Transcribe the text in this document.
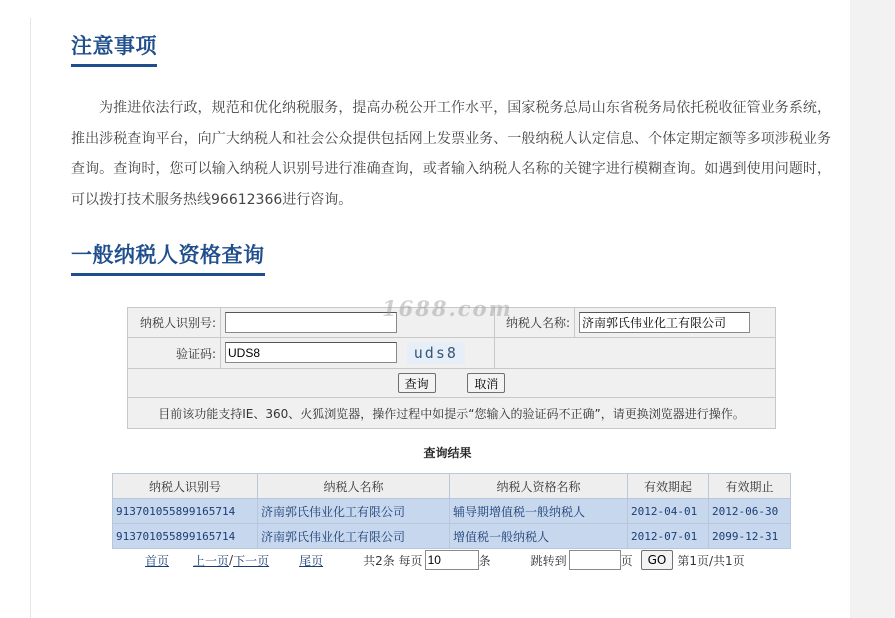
注意事项

为推进依法行政，规范和优化纳税服务，提高办税公开工作水平，国家税务总局山东省税务局依托税收征管业务系统，推出涉税查询平台，向广大纳税人和社会公众提供包括网上发票业务、一般纳税人认定信息、个体定期定额等多项涉税业务查询。查询时，您可以输入纳税人识别号进行准确查询，或者输入纳税人名称的关键字进行模糊查询。如遇到使用问题时，可以拨打技术服务热线96612366进行咨询。

一般纳税人资格查询
纳税人识别号:		纳税人名称:	济南郭氏伟业化工有限公司
验证码:	UDS8uds8	
查询 取消			
目前该功能支持IE、360、火狐浏览器，操作过程中如提示“您输入的验证码不正确”，请更换浏览器进行操作。			
1688.com
查询结果
纳税人识别号	纳税人名称	纳税人资格名称	有效期起	有效期止
913701055899165714	济南郭氏伟业化工有限公司	辅导期增值税一般纳税人	2012-04-01	2012-06-30
913701055899165714	济南郭氏伟业化工有限公司	增值税一般纳税人	2012-07-01	2099-12-31
首页 上一页 / 下一页	尾页	共2条 每页
10	条	跳转到	页	GO 第1页/共1页
